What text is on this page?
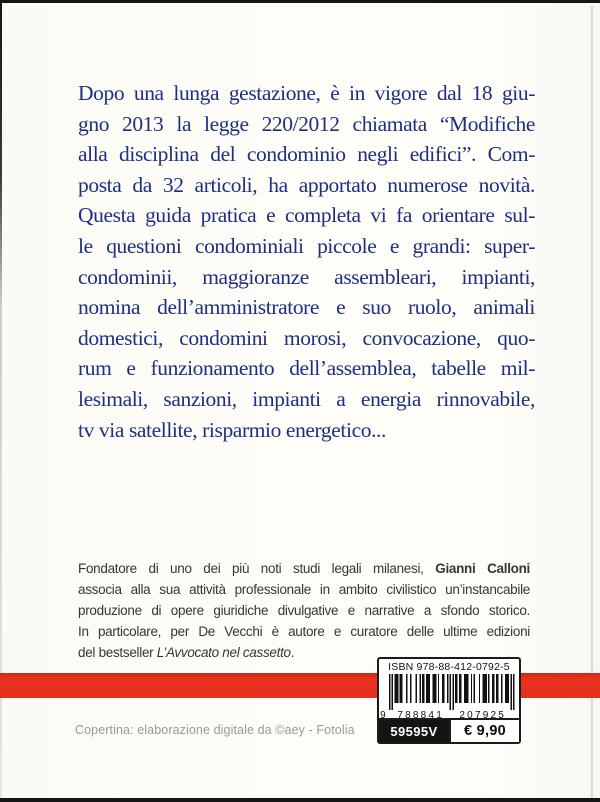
Dopo una lunga gestazione, è in vigore dal 18 giu-
gno 2013 la legge 220/2012 chiamata “Modifiche
alla disciplina del condominio negli edifici”. Com-
posta da 32 articoli, ha apportato numerose novità.
Questa guida pratica e completa vi fa orientare sul-
le questioni condominiali piccole e grandi: super-
condominii, maggioranze assembleari, impianti,
nomina dell’amministratore e suo ruolo, animali
domestici, condomini morosi, convocazione, quo-
rum e funzionamento dell’assemblea, tabelle mil-
lesimali, sanzioni, impianti a energia rinnovabile,
tv via satellite, risparmio energetico...
Fondatore di uno dei più noti studi legali milanesi, Gianni Calloni
associa alla sua attività professionale in ambito civilistico un’instancabile
produzione di opere giuridiche divulgative e narrative a sfondo storico.
In particolare, per De Vecchi è autore e curatore delle ultime edizioni
del bestseller L’Avvocato nel cassetto.
ISBN 978-88-412-0792-5
9 788841 207925
59595V	€ 9,90
Copertina: elaborazione digitale da ©aey - Fotolia
